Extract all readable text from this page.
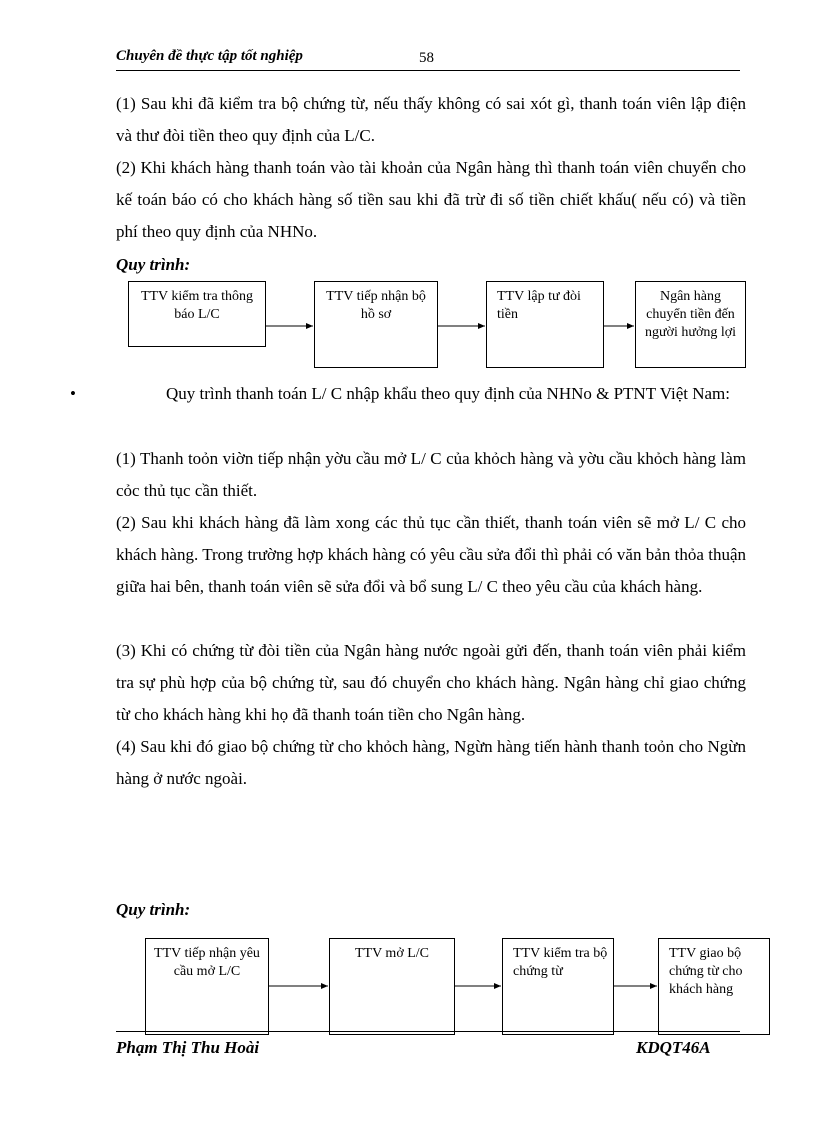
Chuyên đề thực tập tốt nghiệp	58

(1) Sau khi đã kiểm tra bộ chứng từ, nếu thấy không có sai xót gì, thanh toán viên lập điện và thư đòi tiền theo quy định của L/C.

(2) Khi khách hàng thanh toán vào tài khoản của Ngân hàng thì thanh toán viên chuyển cho kế toán báo có cho khách hàng số tiền sau khi đã trừ đi số tiền chiết khấu( nếu có) và tiền phí theo quy định của NHNo.

Quy trình:
TTV kiểm tra thông báo L/C
TTV tiếp nhận bộ hồ sơ
TTV lập tư đòi tiền
Ngân hàng chuyển tiền đến người hưởng lợi

•	Quy trình thanh toán L/ C nhập khẩu theo quy định của NHNo & PTNT Việt Nam:

(1) Thanh toỏn viờn tiếp nhận yờu cầu mở L/ C của khỏch hàng và yờu cầu khỏch hàng làm cỏc thủ tục cần thiết.

(2) Sau khi khách hàng đã làm xong các thủ tục cần thiết, thanh toán viên sẽ mở L/ C cho khách hàng. Trong trường hợp khách hàng có yêu cầu sửa đổi thì phải có văn bản thỏa thuận giữa hai bên, thanh toán viên sẽ sửa đổi và bổ sung L/ C theo yêu cầu của khách hàng.

(3) Khi có chứng từ đòi tiền của Ngân hàng nước ngoài gửi đến, thanh toán viên phải kiểm tra sự phù hợp của bộ chứng từ, sau đó chuyển cho khách hàng. Ngân hàng chỉ giao chứng từ cho khách hàng khi họ đã thanh toán tiền cho Ngân hàng.

(4) Sau khi đó giao bộ chứng từ cho khỏch hàng, Ngừn hàng tiến hành thanh toỏn cho Ngừn hàng ở nước ngoài.

Quy trình:
TTV tiếp nhận yêu cầu mở L/C
TTV mở L/C	TTV kiểm tra bộ chứng từ
TTV giao bộ chứng từ cho khách hàng
Phạm Thị Thu Hoài	KDQT46A
